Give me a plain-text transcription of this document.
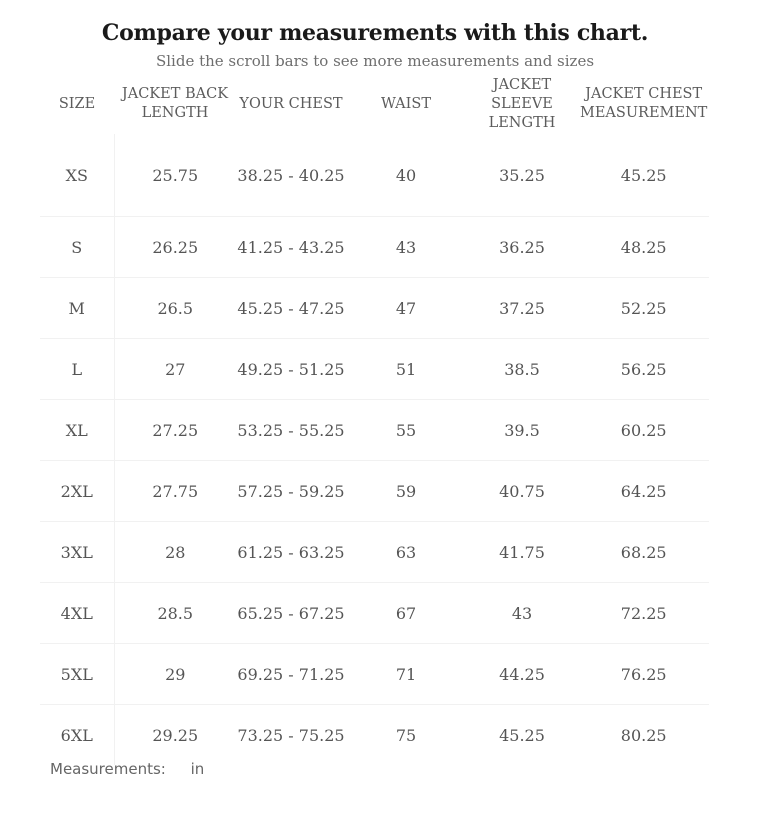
Compare your measurements with this chart.
Slide the scroll bars to see more measurements and sizes
SIZE	JACKET BACK LENGTH	YOUR CHEST	WAIST	JACKET SLEEVE LENGTH	JACKET CHEST MEASUREMENT
XS	25.75	38.25 - 40.25	40	35.25	45.25
S	26.25	41.25 - 43.25	43	36.25	48.25
M	26.5	45.25 - 47.25	47	37.25	52.25
L	27	49.25 - 51.25	51	38.5	56.25
XL	27.25	53.25 - 55.25	55	39.5	60.25
2XL	27.75	57.25 - 59.25	59	40.75	64.25
3XL	28	61.25 - 63.25	63	41.75	68.25
4XL	28.5	65.25 - 67.25	67	43	72.25
5XL	29	69.25 - 71.25	71	44.25	76.25
6XL	29.25	73.25 - 75.25	75	45.25	80.25
Measurements: in
